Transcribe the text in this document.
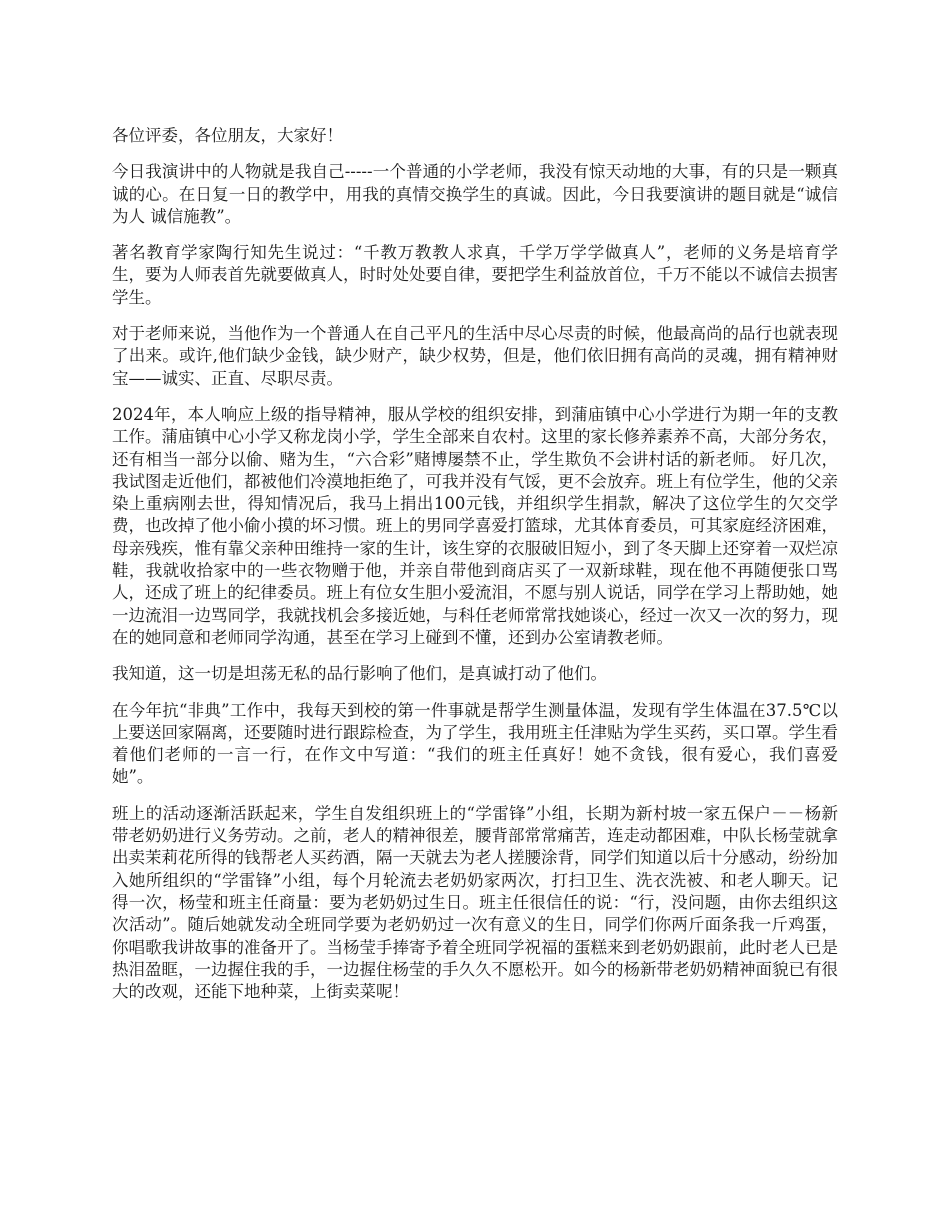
各位评委，各位朋友，大家好！

今日我演讲中的人物就是我自己-----一个普通的小学老师，我没有惊天动地的大事，有的只是一颗真诚的心。在日复一日的教学中，用我的真情交换学生的真诚。因此，今日我要演讲的题目就是“诚信为人 诚信施教”。

著名教育学家陶行知先生说过：“千教万教教人求真，千学万学学做真人”，老师的义务是培育学生，要为人师表首先就要做真人，时时处处要自律，要把学生利益放首位，千万不能以不诚信去损害学生。

对于老师来说，当他作为一个普通人在自己平凡的生活中尽心尽责的时候，他最高尚的品行也就表现了出来。或许,他们缺少金钱，缺少财产，缺少权势，但是，他们依旧拥有高尚的灵魂，拥有精神财宝——诚实、正直、尽职尽责。

2024年，本人响应上级的指导精神，服从学校的组织安排，到蒲庙镇中心小学进行为期一年的支教工作。蒲庙镇中心小学又称龙岗小学，学生全部来自农村。这里的家长修养素养不高，大部分务农，还有相当一部分以偷、赌为生，“六合彩”赌博屡禁不止，学生欺负不会讲村话的新老师。 好几次，我试图走近他们，都被他们冷漠地拒绝了，可我并没有气馁，更不会放弃。班上有位学生，他的父亲染上重病刚去世，得知情况后，我马上捐出100元钱，并组织学生捐款，解决了这位学生的欠交学费，也改掉了他小偷小摸的坏习惯。班上的男同学喜爱打篮球，尤其体育委员，可其家庭经济困难，母亲残疾，惟有靠父亲种田维持一家的生计，该生穿的衣服破旧短小，到了冬天脚上还穿着一双烂凉鞋，我就收拾家中的一些衣物赠于他，并亲自带他到商店买了一双新球鞋，现在他不再随便张口骂人，还成了班上的纪律委员。班上有位女生胆小爱流泪，不愿与别人说话，同学在学习上帮助她，她一边流泪一边骂同学，我就找机会多接近她，与科任老师常常找她谈心，经过一次又一次的努力，现在的她同意和老师同学沟通，甚至在学习上碰到不懂，还到办公室请教老师。

我知道，这一切是坦荡无私的品行影响了他们，是真诚打动了他们。

在今年抗“非典”工作中，我每天到校的第一件事就是帮学生测量体温，发现有学生体温在37.5℃以上要送回家隔离，还要随时进行跟踪检查，为了学生，我用班主任津贴为学生买药，买口罩。学生看着他们老师的一言一行，在作文中写道：“我们的班主任真好！她不贪钱，很有爱心，我们喜爱她”。

班上的活动逐渐活跃起来，学生自发组织班上的“学雷锋”小组，长期为新村坡一家五保户－－杨新带老奶奶进行义务劳动。之前，老人的精神很差，腰背部常常痛苦，连走动都困难，中队长杨莹就拿出卖茉莉花所得的钱帮老人买药酒，隔一天就去为老人搓腰涂背，同学们知道以后十分感动，纷纷加入她所组织的“学雷锋”小组，每个月轮流去老奶奶家两次，打扫卫生、洗衣洗被、和老人聊天。记得一次，杨莹和班主任商量：要为老奶奶过生日。班主任很信任的说：“行，没问题，由你去组织这次活动”。随后她就发动全班同学要为老奶奶过一次有意义的生日，同学们你两斤面条我一斤鸡蛋，你唱歌我讲故事的准备开了。当杨莹手捧寄予着全班同学祝福的蛋糕来到老奶奶跟前，此时老人已是热泪盈眶，一边握住我的手，一边握住杨莹的手久久不愿松开。如今的杨新带老奶奶精神面貌已有很大的改观，还能下地种菜，上街卖菜呢！
